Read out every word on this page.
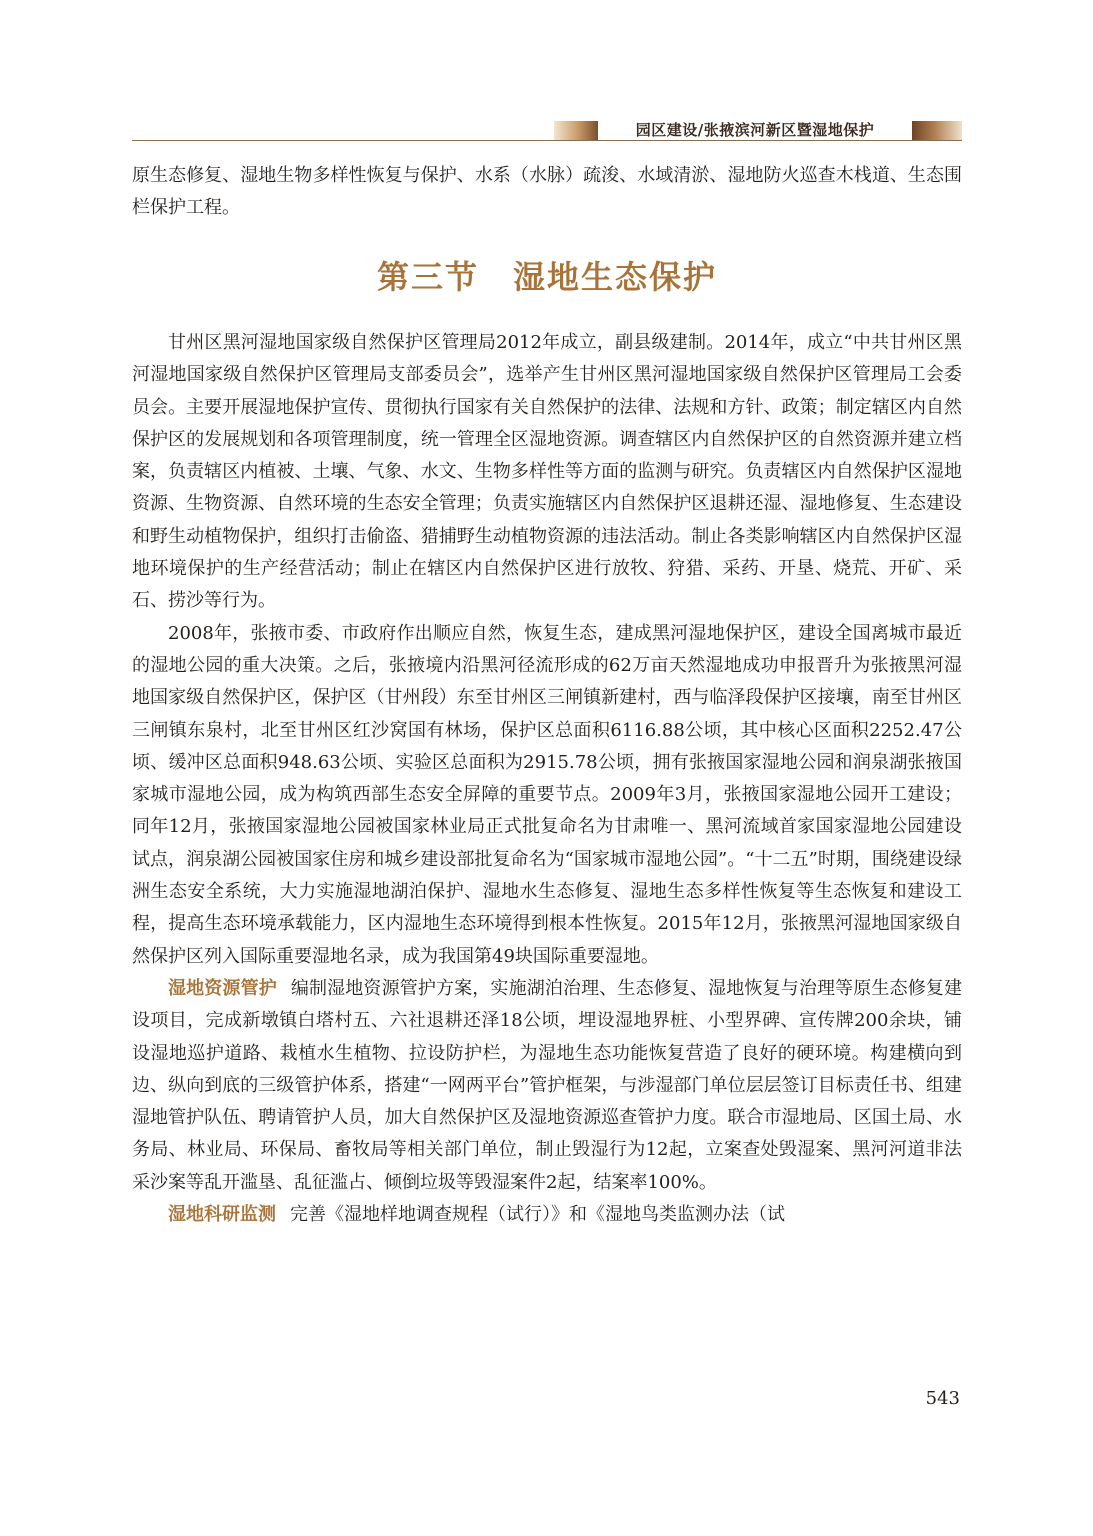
园区建设/张掖滨河新区暨湿地保护

原生态修复、湿地生物多样性恢复与保护、水系（水脉）疏浚、水域清淤、湿地防火巡查木栈道、生态围栏保护工程。

第三节 湿地生态保护

甘州区黑河湿地国家级自然保护区管理局2012年成立，副县级建制。2014年，成立“中共甘州区黑河湿地国家级自然保护区管理局支部委员会”，选举产生甘州区黑河湿地国家级自然保护区管理局工会委员会。主要开展湿地保护宣传、贯彻执行国家有关自然保护的法律、法规和方针、政策；制定辖区内自然保护区的发展规划和各项管理制度，统一管理全区湿地资源。调查辖区内自然保护区的自然资源并建立档案，负责辖区内植被、土壤、气象、水文、生物多样性等方面的监测与研究。负责辖区内自然保护区湿地资源、生物资源、自然环境的生态安全管理；负责实施辖区内自然保护区退耕还湿、湿地修复、生态建设和野生动植物保护，组织打击偷盗、猎捕野生动植物资源的违法活动。制止各类影响辖区内自然保护区湿地环境保护的生产经营活动；制止在辖区内自然保护区进行放牧、狩猎、采药、开垦、烧荒、开矿、采石、捞沙等行为。

2008年，张掖市委、市政府作出顺应自然，恢复生态，建成黑河湿地保护区，建设全国离城市最近的湿地公园的重大决策。之后，张掖境内沿黑河径流形成的62万亩天然湿地成功申报晋升为张掖黑河湿地国家级自然保护区，保护区（甘州段）东至甘州区三闸镇新建村，西与临泽段保护区接壤，南至甘州区三闸镇东泉村，北至甘州区红沙窝国有林场，保护区总面积6116.88公顷，其中核心区面积2252.47公顷、缓冲区总面积948.63公顷、实验区总面积为2915.78公顷，拥有张掖国家湿地公园和润泉湖张掖国家城市湿地公园，成为构筑西部生态安全屏障的重要节点。2009年3月，张掖国家湿地公园开工建设；同年12月，张掖国家湿地公园被国家林业局正式批复命名为甘肃唯一、黑河流域首家国家湿地公园建设试点，润泉湖公园被国家住房和城乡建设部批复命名为“国家城市湿地公园”。“十二五”时期，围绕建设绿洲生态安全系统，大力实施湿地湖泊保护、湿地水生态修复、湿地生态多样性恢复等生态恢复和建设工程，提高生态环境承载能力，区内湿地生态环境得到根本性恢复。2015年12月，张掖黑河湿地国家级自然保护区列入国际重要湿地名录，成为我国第49块国际重要湿地。

湿地资源管护 编制湿地资源管护方案，实施湖泊治理、生态修复、湿地恢复与治理等原生态修复建设项目，完成新墩镇白塔村五、六社退耕还泽18公顷，埋设湿地界桩、小型界碑、宣传牌200余块，铺设湿地巡护道路、栽植水生植物、拉设防护栏，为湿地生态功能恢复营造了良好的硬环境。构建横向到边、纵向到底的三级管护体系，搭建“一网两平台”管护框架，与涉湿部门单位层层签订目标责任书、组建湿地管护队伍、聘请管护人员，加大自然保护区及湿地资源巡查管护力度。联合市湿地局、区国土局、水务局、林业局、环保局、畜牧局等相关部门单位，制止毁湿行为12起，立案查处毁湿案、黑河河道非法采沙案等乱开滥垦、乱征滥占、倾倒垃圾等毁湿案件2起，结案率100%。

湿地科研监测 完善《湿地样地调查规程（试行）》和《湿地鸟类监测办法（试

543
